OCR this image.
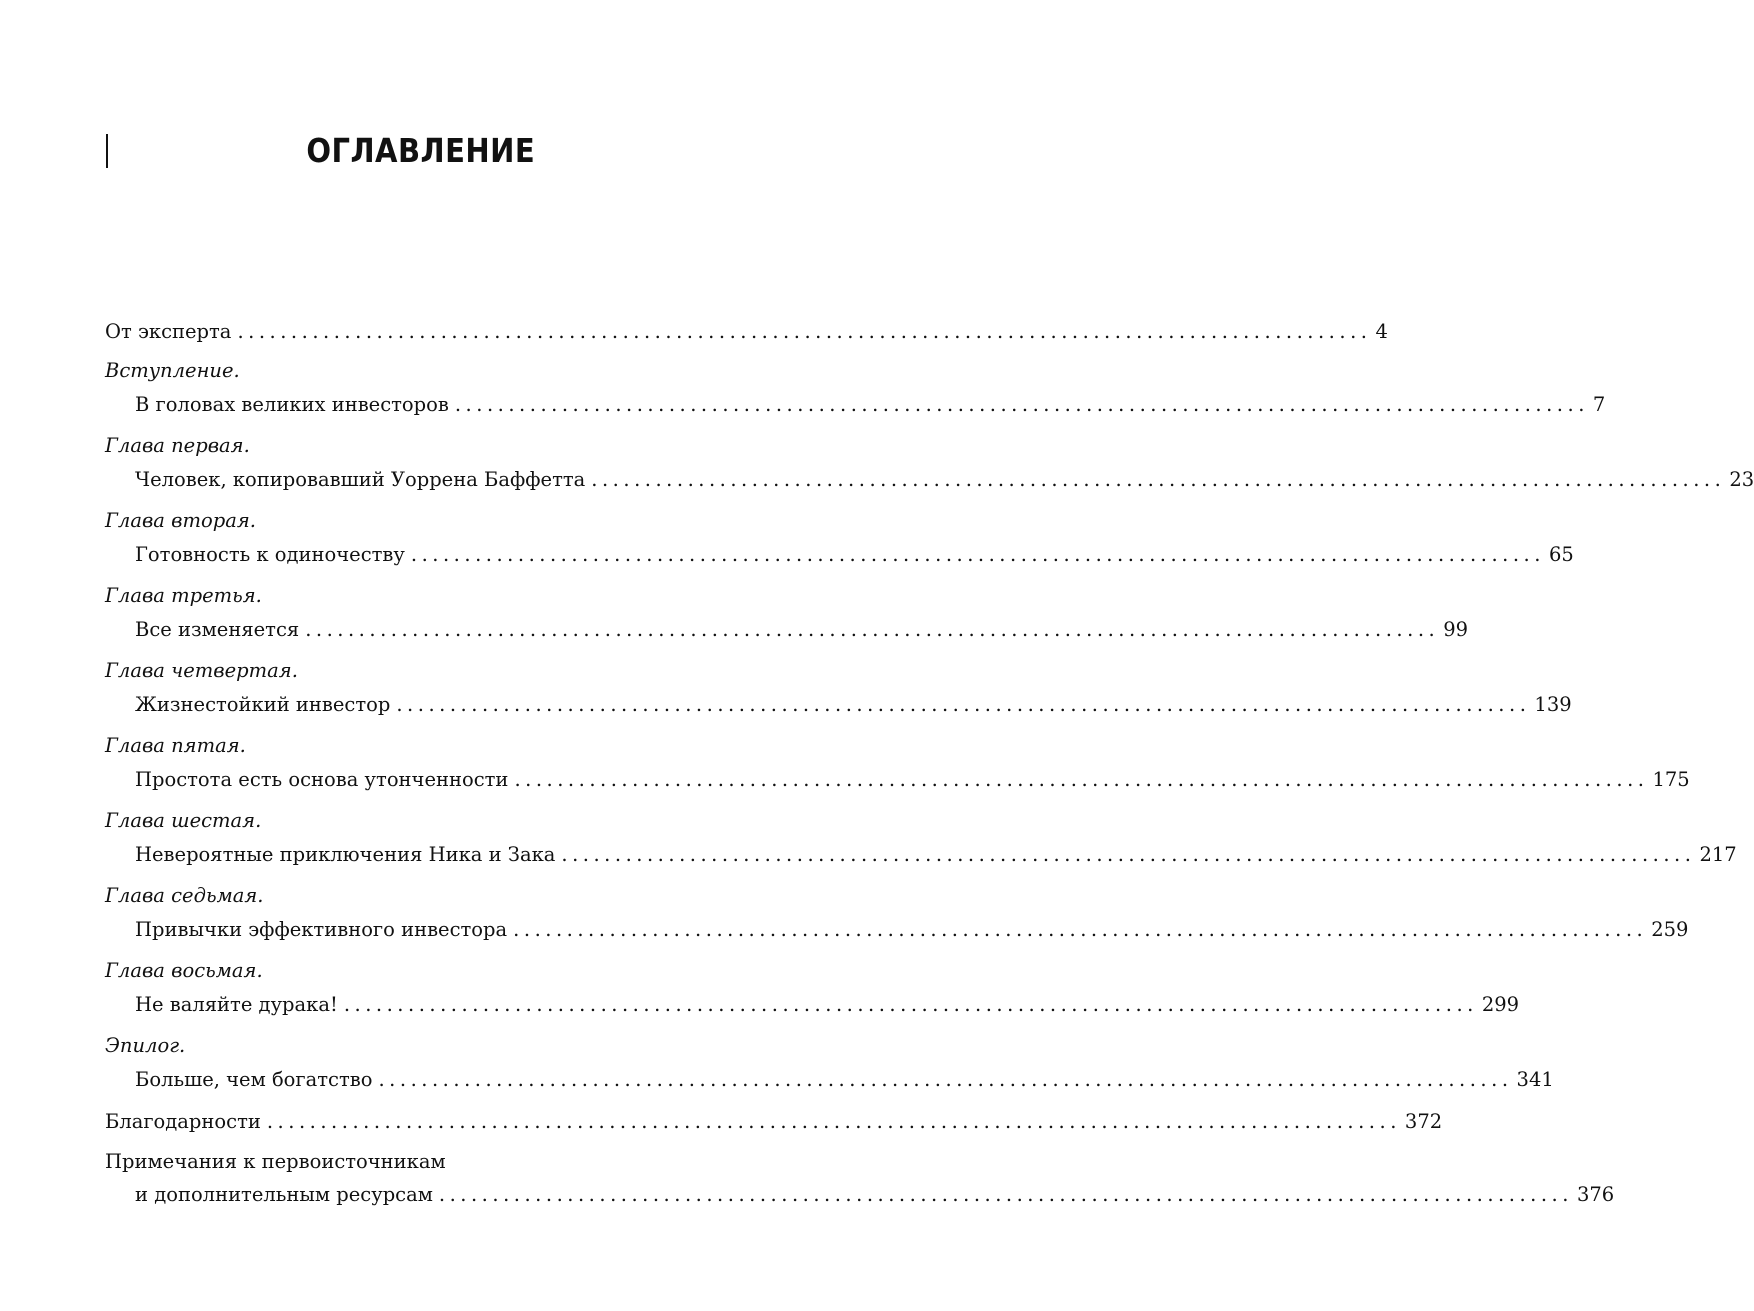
ОГЛАВЛЕНИЕ
От эксперта .......................................................................................................... 4
Вступление.
В головах великих инвесторов .......................................................................................................... 7
Глава первая.
Человек, копировавший Уоррена Баффетта .......................................................................................................... 23
Глава вторая.
Готовность к одиночеству .......................................................................................................... 65
Глава третья.
Все изменяется .......................................................................................................... 99
Глава четвертая.
Жизнестойкий инвестор .......................................................................................................... 139
Глава пятая.
Простота есть основа утонченности .......................................................................................................... 175
Глава шестая.
Невероятные приключения Ника и Зака .......................................................................................................... 217
Глава седьмая.
Привычки эффективного инвестора .......................................................................................................... 259
Глава восьмая.
Не валяйте дурака! .......................................................................................................... 299
Эпилог.
Больше, чем богатство .......................................................................................................... 341
Благодарности .......................................................................................................... 372
Примечания к первоисточникам
и дополнительным ресурсам .......................................................................................................... 376
